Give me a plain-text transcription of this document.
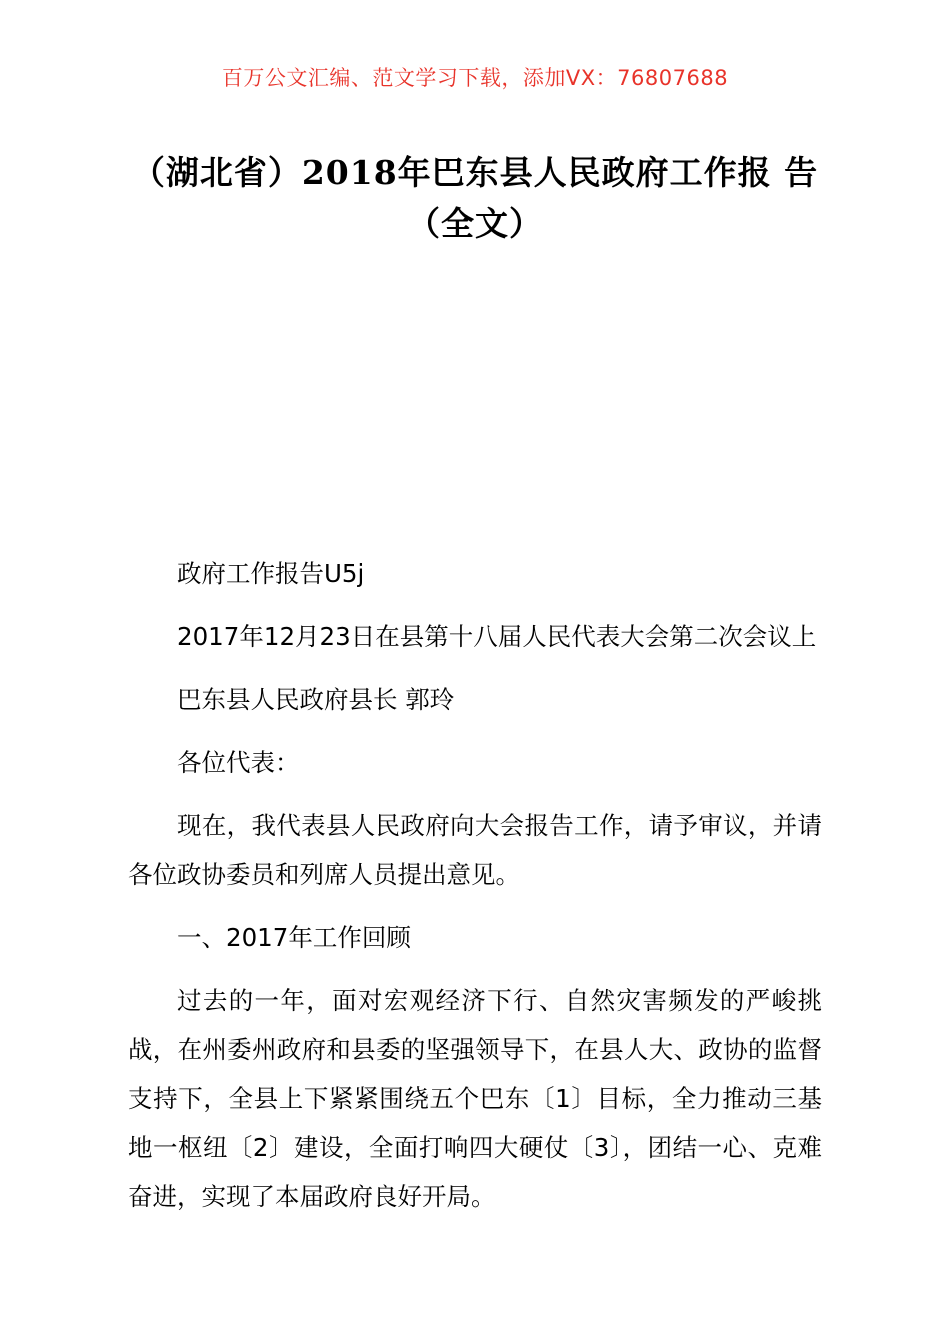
百万公文汇编、范文学习下载，添加VX：76807688
（湖北省）2018年巴东县人民政府工作报 告（全文）

政府工作报告U5j

2017年12月23日在县第十八届人民代表大会第二次会议上

巴东县人民政府县长 郭玲

各位代表：

现在，我代表县人民政府向大会报告工作，请予审议，并请各位政协委员和列席人员提出意见。

一、2017年工作回顾

过去的一年，面对宏观经济下行、自然灾害频发的严峻挑战，在州委州政府和县委的坚强领导下，在县人大、政协的监督支持下，全县上下紧紧围绕五个巴东〔1〕目标，全力推动三基地一枢纽〔2〕建设，全面打响四大硬仗〔3〕，团结一心、克难奋进，实现了本届政府良好开局。
